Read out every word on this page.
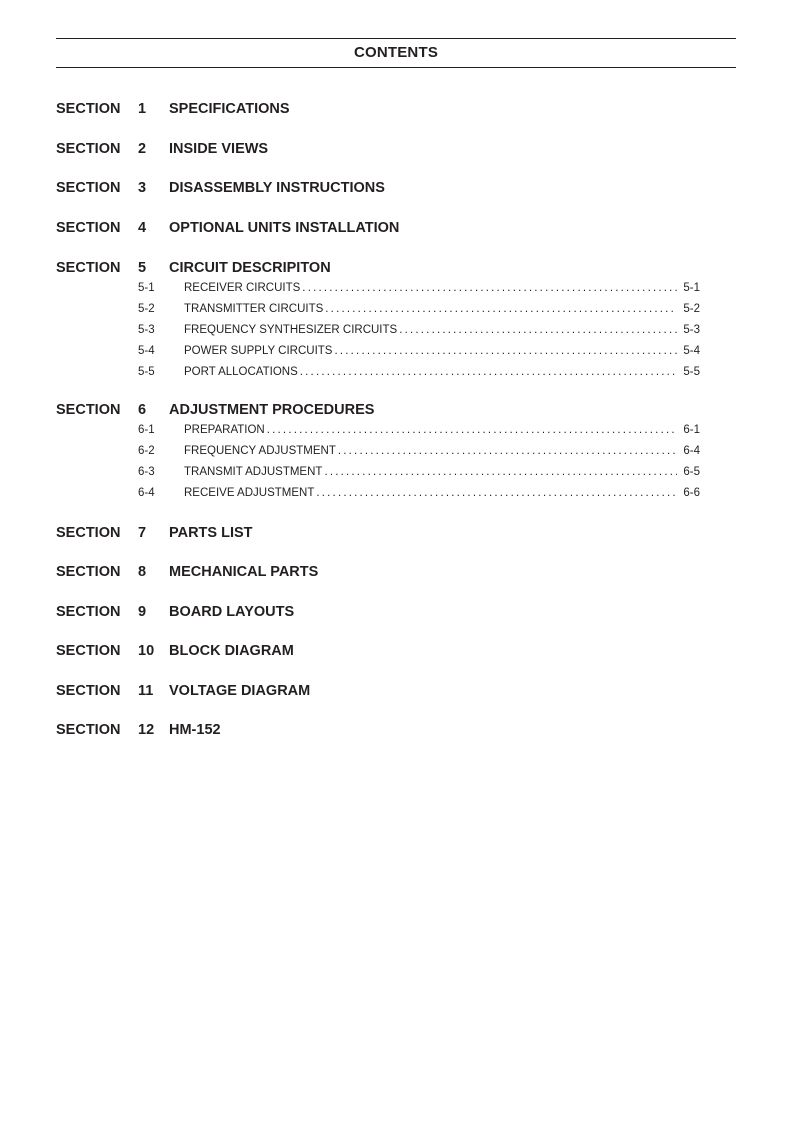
CONTENTS
SECTION 1 SPECIFICATIONS
SECTION 2 INSIDE VIEWS
SECTION 3 DISASSEMBLY INSTRUCTIONS
SECTION 4 OPTIONAL UNITS INSTALLATION
SECTION 5 CIRCUIT DESCRIPITON
5-1	RECEIVER CIRCUITS .....	5-1
5-2	TRANSMITTER CIRCUITS .....	5-2
5-3	FREQUENCY SYNTHESIZER CIRCUITS .....	5-3
5-4	POWER SUPPLY CIRCUITS .....	5-4
5-5	PORT ALLOCATIONS .....	5-5
SECTION 6 ADJUSTMENT PROCEDURES
6-1	PREPARATION .....	6-1
6-2	FREQUENCY ADJUSTMENT .....	6-4
6-3	TRANSMIT ADJUSTMENT .....	6-5
6-4	RECEIVE ADJUSTMENT .....	6-6
SECTION 7 PARTS LIST
SECTION 8 MECHANICAL PARTS
SECTION 9 BOARD LAYOUTS
SECTION 10 BLOCK DIAGRAM
SECTION 11 VOLTAGE DIAGRAM
SECTION 12 HM-152
